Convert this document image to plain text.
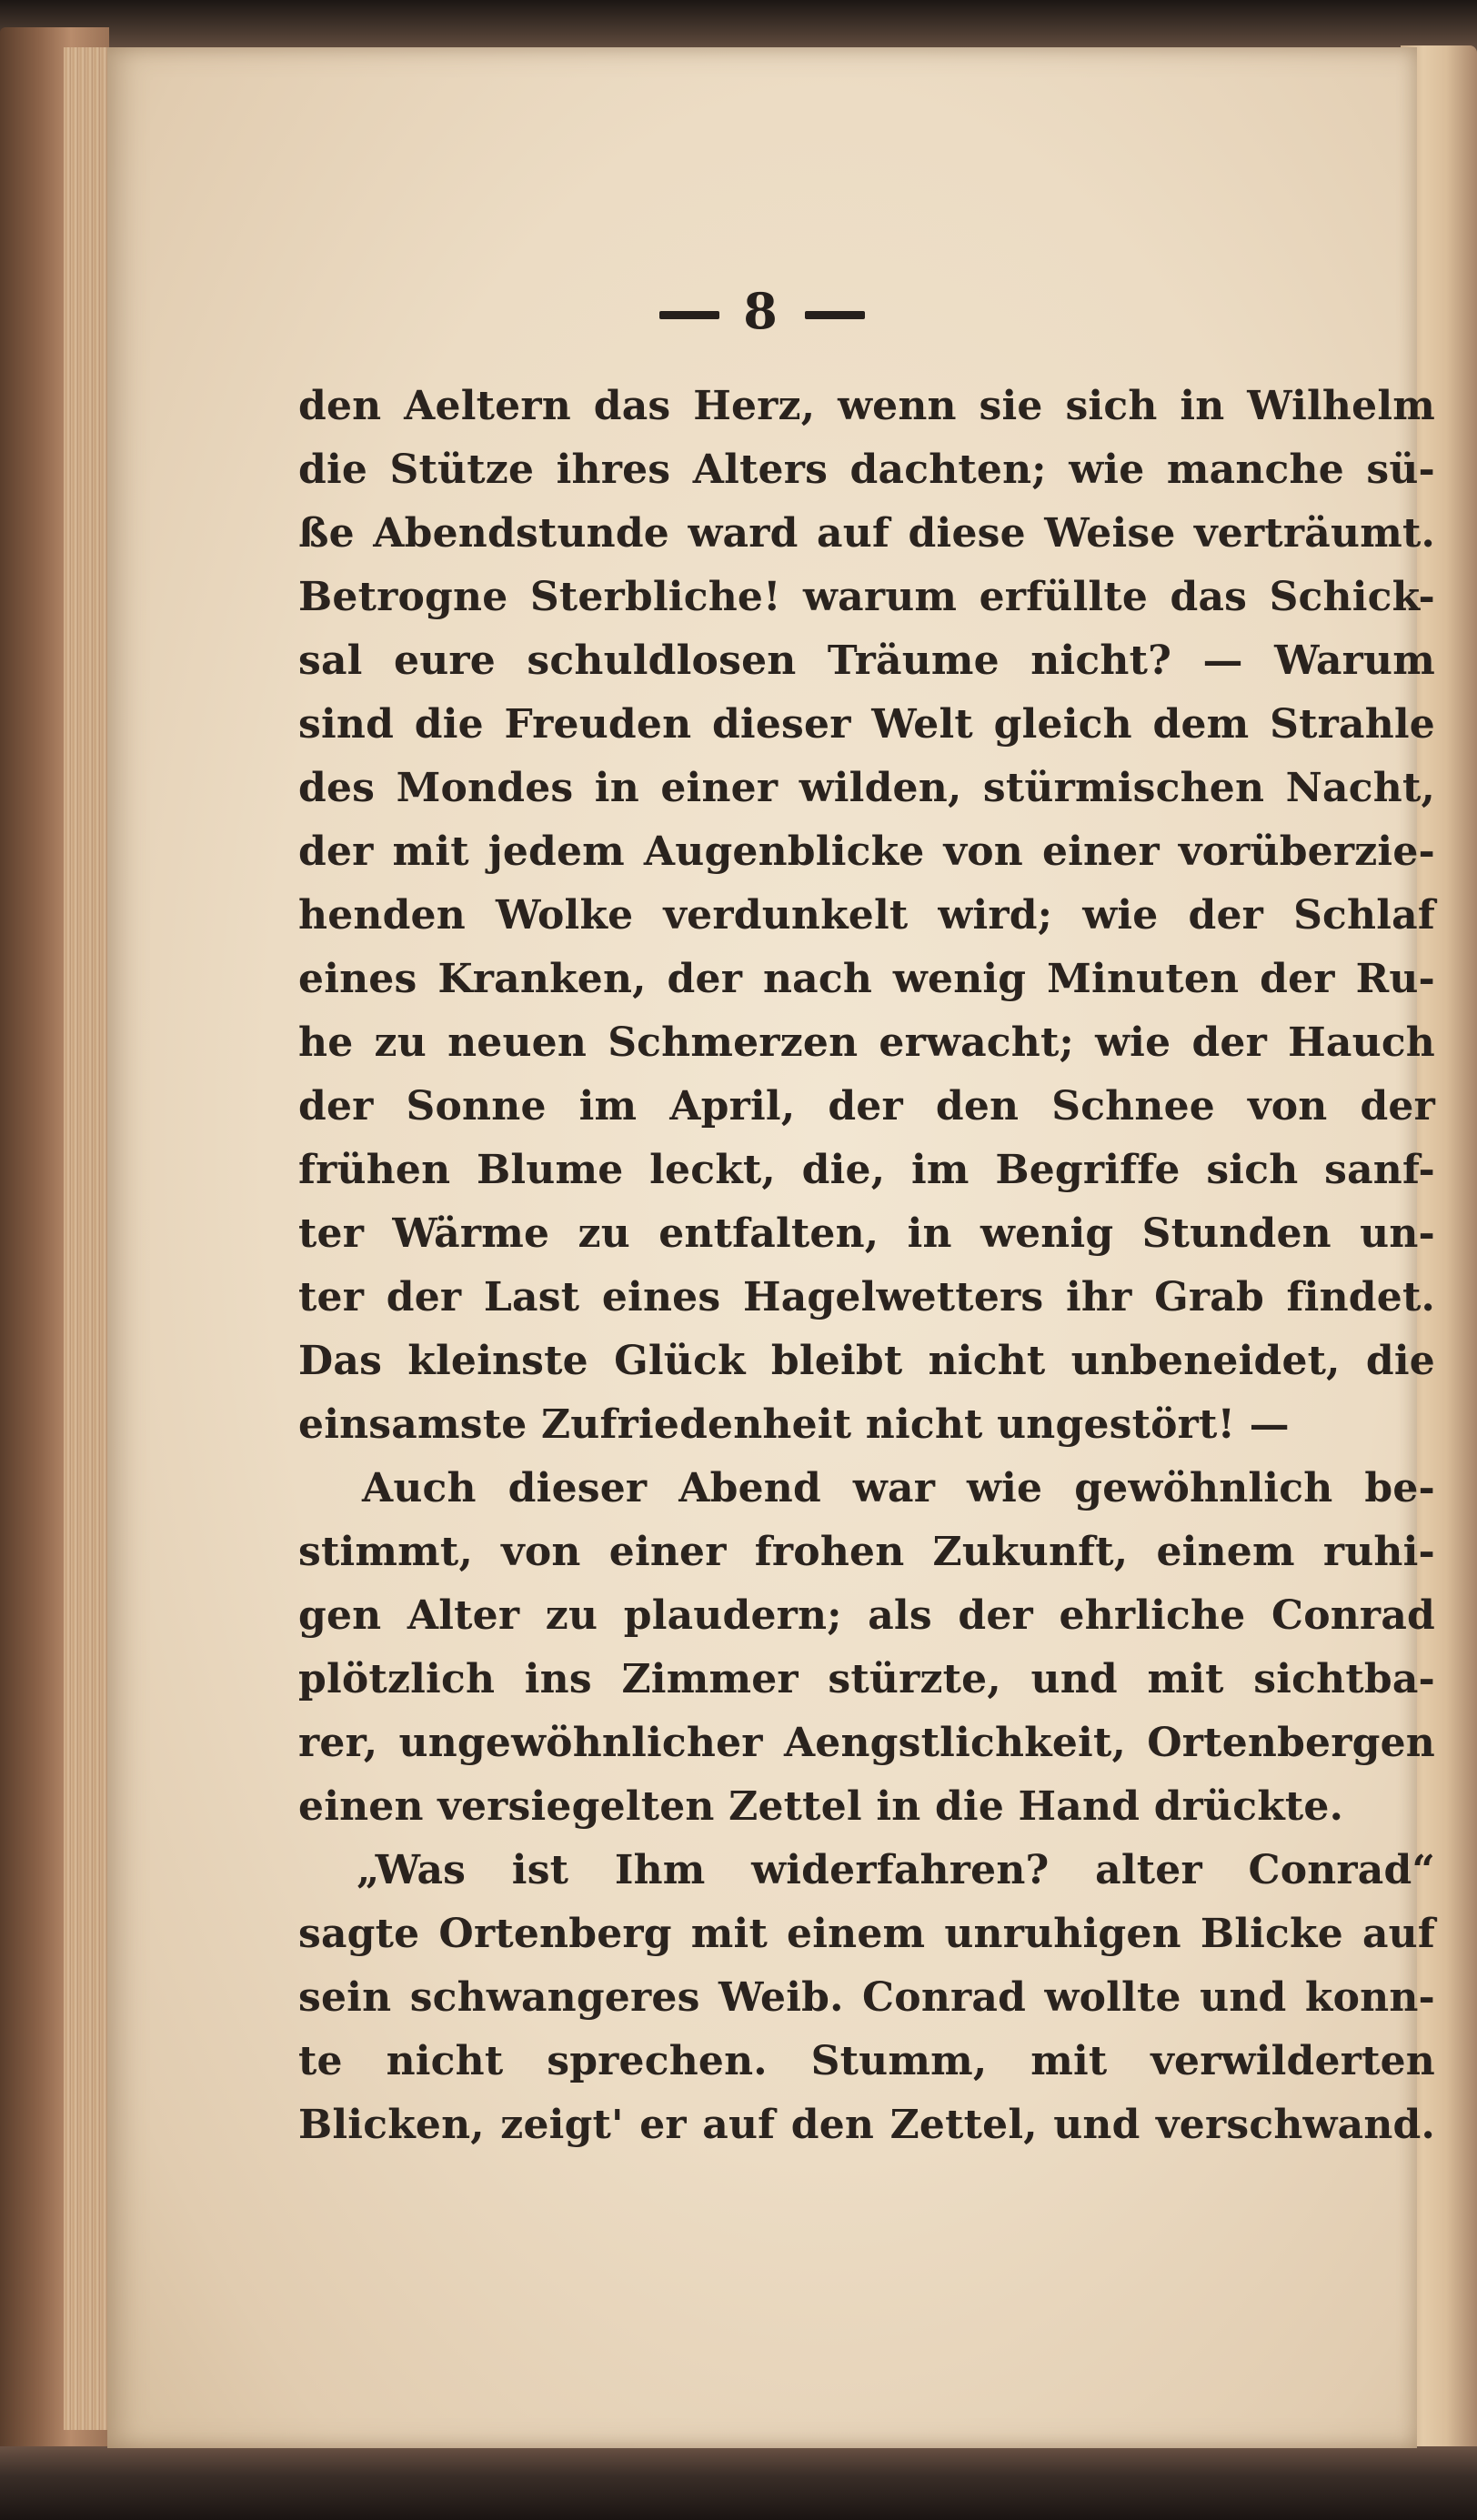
8
den Aeltern das Herz, wenn sie sich in Wilhelm
die Stütze ihres Alters dachten; wie manche sü-
ße Abendstunde ward auf diese Weise verträumt.
Betrogne Sterbliche! warum erfüllte das Schick-
sal eure schuldlosen Träume nicht? — Warum
sind die Freuden dieser Welt gleich dem Strahle
des Mondes in einer wilden, stürmischen Nacht,
der mit jedem Augenblicke von einer vorüberzie-
henden Wolke verdunkelt wird; wie der Schlaf
eines Kranken, der nach wenig Minuten der Ru-
he zu neuen Schmerzen erwacht; wie der Hauch
der Sonne im April, der den Schnee von der
frühen Blume leckt, die, im Begriffe sich sanf-
ter Wärme zu entfalten, in wenig Stunden un-
ter der Last eines Hagelwetters ihr Grab findet.
Das kleinste Glück bleibt nicht unbeneidet, die
einsamste Zufriedenheit nicht ungestört! —
Auch dieser Abend war wie gewöhnlich be-
stimmt, von einer frohen Zukunft, einem ruhi-
gen Alter zu plaudern; als der ehrliche Conrad
plötzlich ins Zimmer stürzte, und mit sichtba-
rer, ungewöhnlicher Aengstlichkeit, Ortenbergen
einen versiegelten Zettel in die Hand drückte.
„Was ist Ihm widerfahren? alter Conrad“
sagte Ortenberg mit einem unruhigen Blicke auf
sein schwangeres Weib. Conrad wollte und konn-
te nicht sprechen. Stumm, mit verwilderten
Blicken, zeigt' er auf den Zettel, und verschwand.
